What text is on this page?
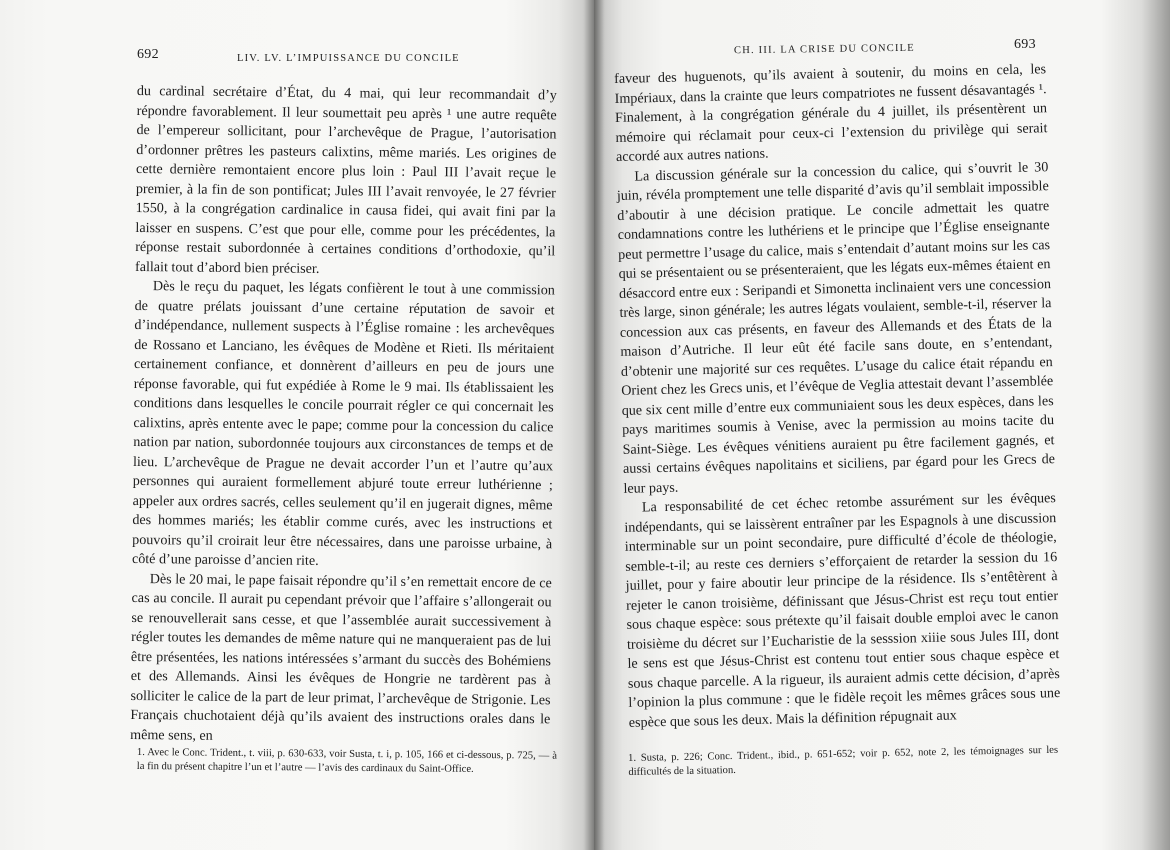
692	LIV. LV. L’IMPUISSANCE DU CONCILE

du cardinal secrétaire d’État, du 4 mai, qui leur recommandait d’y répondre favorablement. Il leur soumettait peu après ¹ une autre requête de l’empereur sollicitant, pour l’archevêque de Prague, l’autorisation d’ordonner prêtres les pasteurs calixtins, même mariés. Les origines de cette dernière remontaient encore plus loin : Paul III l’avait reçue le premier, à la fin de son pontificat; Jules III l’avait renvoyée, le 27 février 1550, à la congrégation cardinalice in causa fidei, qui avait fini par la laisser en suspens. C’est que pour elle, comme pour les précédentes, la réponse restait subordonnée à certaines conditions d’orthodoxie, qu’il fallait tout d’abord bien préciser.

Dès le reçu du paquet, les légats confièrent le tout à une commission de quatre prélats jouissant d’une certaine réputation de savoir et d’indépendance, nullement suspects à l’Église romaine : les archevêques de Rossano et Lanciano, les évêques de Modène et Rieti. Ils méritaient certainement confiance, et donnèrent d’ailleurs en peu de jours une réponse favorable, qui fut expédiée à Rome le 9 mai. Ils établissaient les conditions dans lesquelles le concile pourrait régler ce qui concernait les calixtins, après entente avec le pape; comme pour la concession du calice nation par nation, subordonnée toujours aux circonstances de temps et de lieu. L’archevêque de Prague ne devait accorder l’un et l’autre qu’aux personnes qui auraient formellement abjuré toute erreur luthérienne ; appeler aux ordres sacrés, celles seulement qu’il en jugerait dignes, même des hommes mariés; les établir comme curés, avec les instructions et pouvoirs qu’il croirait leur être nécessaires, dans une paroisse urbaine, à côté d’une paroisse d’ancien rite.

Dès le 20 mai, le pape faisait répondre qu’il s’en remettait encore de ce cas au concile. Il aurait pu cependant prévoir que l’affaire s’allongerait ou se renouvellerait sans cesse, et que l’assemblée aurait successivement à régler toutes les demandes de même nature qui ne manqueraient pas de lui être présentées, les nations intéressées s’armant du succès des Bohémiens et des Allemands. Ainsi les évêques de Hongrie ne tardèrent pas à solliciter le calice de la part de leur primat, l’archevêque de Strigonie. Les Français chuchotaient déjà qu’ils avaient des instructions orales dans le même sens, en

1. Avec le Conc. Trident., t. viii, p. 630-633, voir Susta, t. i, p. 105, 166 et ci-dessous, p. 725, — à la fin du présent chapitre l’un et l’autre — l’avis des cardinaux du Saint-Office.
CH. III. LA CRISE DU CONCILE	693

faveur des huguenots, qu’ils avaient à soutenir, du moins en cela, les Impériaux, dans la crainte que leurs compatriotes ne fussent désavantagés ¹. Finalement, à la congrégation générale du 4 juillet, ils présentèrent un mémoire qui réclamait pour ceux-ci l’extension du privilège qui serait accordé aux autres nations.

La discussion générale sur la concession du calice, qui s’ouvrit le 30 juin, révéla promptement une telle disparité d’avis qu’il semblait impossible d’aboutir à une décision pratique. Le concile admettait les quatre condamnations contre les luthériens et le principe que l’Église enseignante peut permettre l’usage du calice, mais s’entendait d’autant moins sur les cas qui se présentaient ou se présenteraient, que les légats eux-mêmes étaient en désaccord entre eux : Seripandi et Simonetta inclinaient vers une concession très large, sinon générale; les autres légats voulaient, semble-t-il, réserver la concession aux cas présents, en faveur des Allemands et des États de la maison d’Autriche. Il leur eût été facile sans doute, en s’entendant, d’obtenir une majorité sur ces requêtes. L’usage du calice était répandu en Orient chez les Grecs unis, et l’évêque de Veglia attestait devant l’assemblée que six cent mille d’entre eux communiaient sous les deux espèces, dans les pays maritimes soumis à Venise, avec la permission au moins tacite du Saint-Siège. Les évêques vénitiens auraient pu être facilement gagnés, et aussi certains évêques napolitains et siciliens, par égard pour les Grecs de leur pays.

La responsabilité de cet échec retombe assurément sur les évêques indépendants, qui se laissèrent entraîner par les Espagnols à une discussion interminable sur un point secondaire, pure difficulté d’école de théologie, semble-t-il; au reste ces derniers s’efforçaient de retarder la session du 16 juillet, pour y faire aboutir leur principe de la résidence. Ils s’entêtèrent à rejeter le canon troisième, définissant que Jésus-Christ est reçu tout entier sous chaque espèce: sous prétexte qu’il faisait double emploi avec le canon troisième du décret sur l’Eucharistie de la sesssion xiiie sous Jules III, dont le sens est que Jésus-Christ est contenu tout entier sous chaque espèce et sous chaque parcelle. A la rigueur, ils auraient admis cette décision, d’après l’opinion la plus commune : que le fidèle reçoit les mêmes grâces sous une espèce que sous les deux. Mais la définition répugnait aux

1. Susta, p. 226; Conc. Trident., ibid., p. 651-652; voir p. 652, note 2, les témoignages sur les difficultés de la situation.
